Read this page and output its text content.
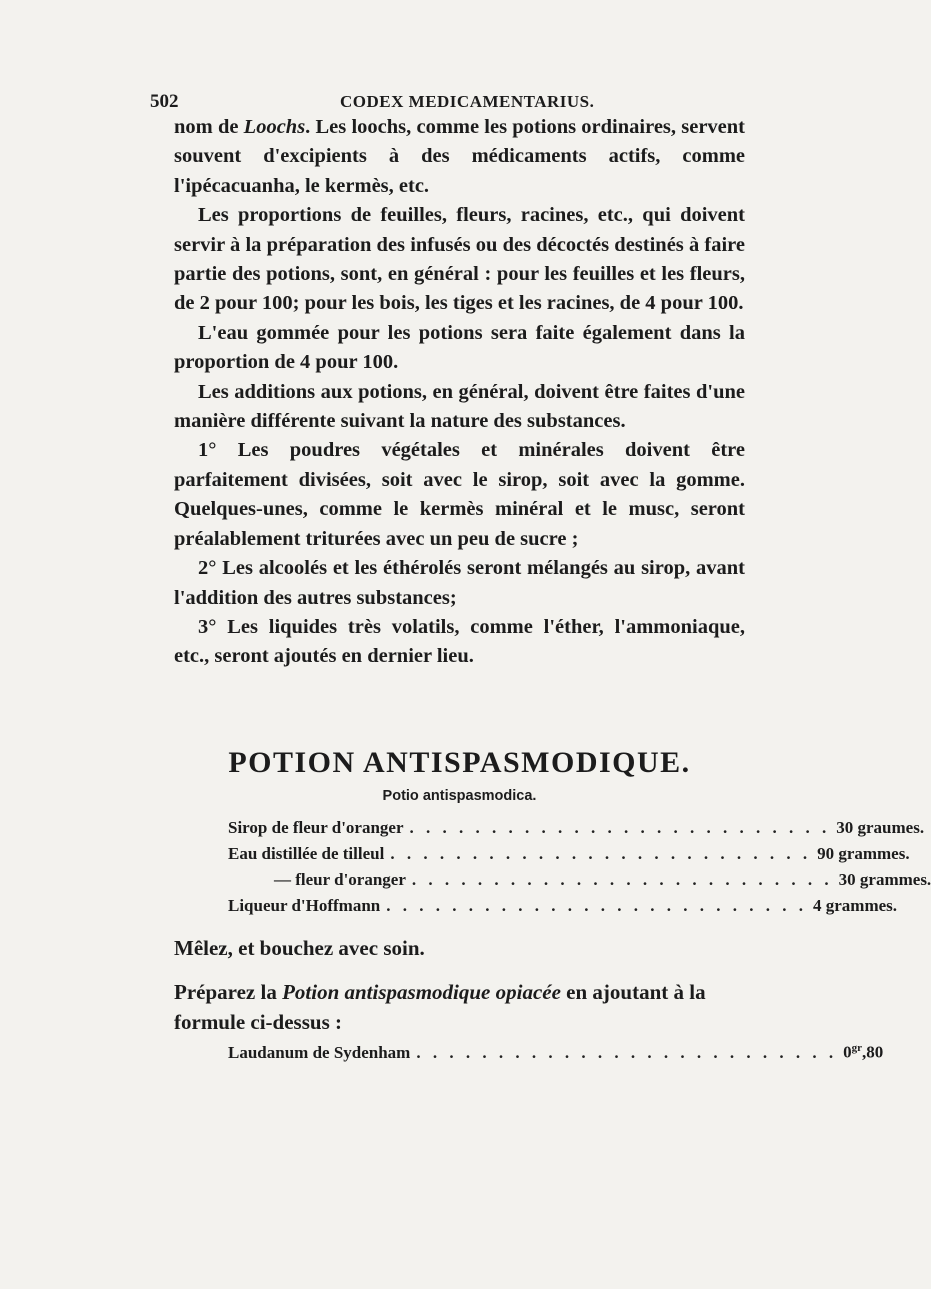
502	CODEX MEDICAMENTARIUS.

nom de Loochs. Les loochs, comme les potions ordinaires, servent souvent d'excipients à des médicaments actifs, comme l'ipécacuanha, le kermès, etc.

Les proportions de feuilles, fleurs, racines, etc., qui doivent servir à la préparation des infusés ou des décoctés destinés à faire partie des potions, sont, en général : pour les feuilles et les fleurs, de 2 pour 100; pour les bois, les tiges et les racines, de 4 pour 100.

L'eau gommée pour les potions sera faite également dans la proportion de 4 pour 100.

Les additions aux potions, en général, doivent être faites d'une manière différente suivant la nature des substances.

1° Les poudres végétales et minérales doivent être parfaitement divisées, soit avec le sirop, soit avec la gomme. Quelques-unes, comme le kermès minéral et le musc, seront préalablement triturées avec un peu de sucre ;

2° Les alcoolés et les éthérolés seront mélangés au sirop, avant l'addition des autres substances;

3° Les liquides très volatils, comme l'éther, l'ammoniaque, etc., seront ajoutés en dernier lieu.

POTION ANTISPASMODIQUE.

Potio antispasmodica.

Sirop de fleur d'oranger . . . . . . . . . . . . . . . . . . . . . . . . . . 30 graumes.
Eau distillée de tilleul . . . . . . . . . . . . . . . . . . . . . . . . . . 90 grammes.
— fleur d'oranger . . . . . . . . . . . . . . . . . . . . . . . . . . 30 grammes.
Liqueur d'Hoffmann . . . . . . . . . . . . . . . . . . . . . . . . . . 4 grammes.

Mêlez, et bouchez avec soin.

Préparez la Potion antispasmodique opiacée en ajoutant à la formule ci-dessus :

Laudanum de Sydenham . . . . . . . . . . . . . . . . . . . . . . . . . . $0^{gr},80$
